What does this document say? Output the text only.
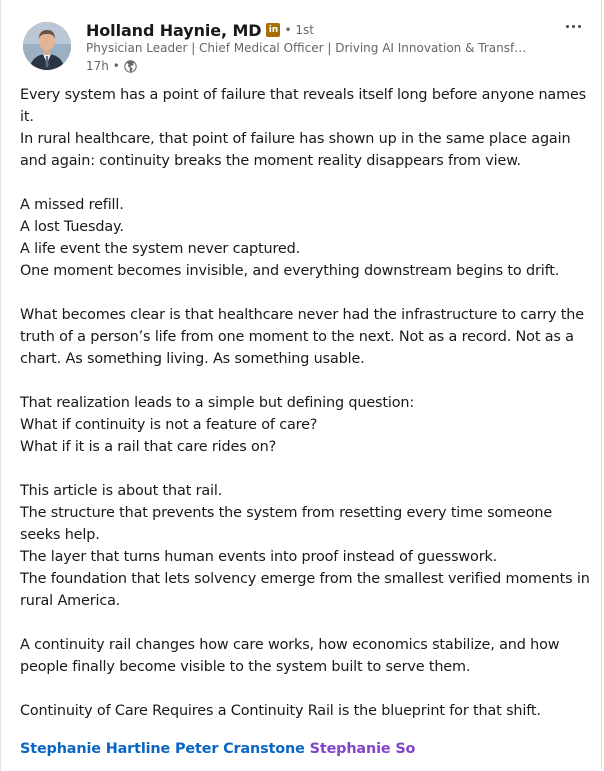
Holland Haynie, MD in • 1st
Physician Leader | Chief Medical Officer | Driving AI Innovation & Transf…
17h •

Every system has a point of failure that reveals itself long before anyone names it.
In rural healthcare, that point of failure has shown up in the same place again and again: continuity breaks the moment reality disappears from view.

A missed refill.
A lost Tuesday.
A life event the system never captured.
One moment becomes invisible, and everything downstream begins to drift.

What becomes clear is that healthcare never had the infrastructure to carry the truth of a person’s life from one moment to the next. Not as a record. Not as a chart. As something living. As something usable.

That realization leads to a simple but defining question:
What if continuity is not a feature of care?
What if it is a rail that care rides on?

This article is about that rail.
The structure that prevents the system from resetting every time someone seeks help.
The layer that turns human events into proof instead of guesswork.
The foundation that lets solvency emerge from the smallest verified moments in rural America.

A continuity rail changes how care works, how economics stabilize, and how people finally become visible to the system built to serve them.

Continuity of Care Requires a Continuity Rail is the blueprint for that shift.

Stephanie Hartline Peter Cranstone Stephanie So
